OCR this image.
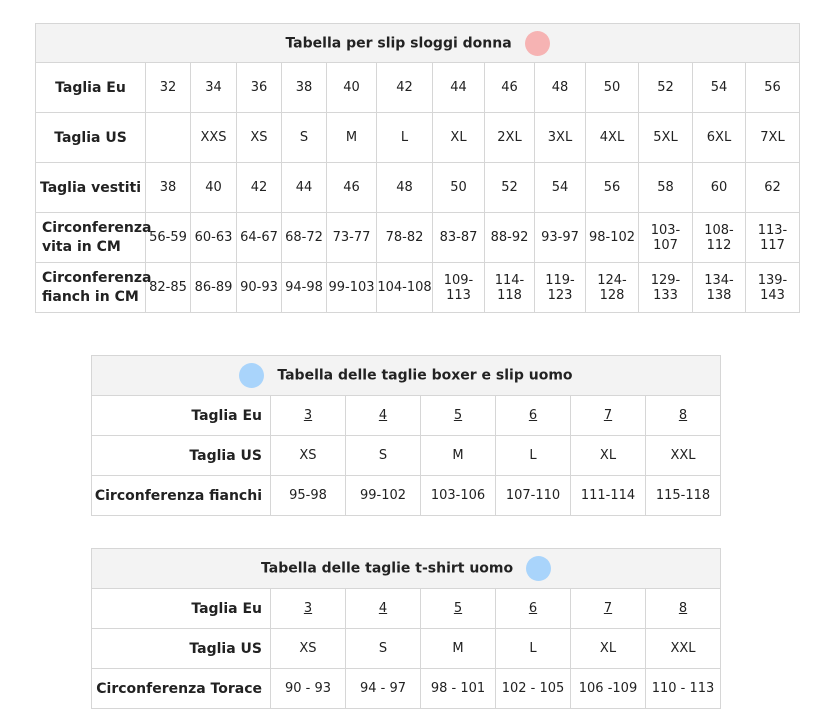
Tabella per slip sloggi donna													
Taglia Eu	32	34	36	38	40	42	44	46	48	50	52	54	56
Taglia US		XXS	XS	S	M	L	XL	2XL	3XL	4XL	5XL	6XL	7XL
Taglia vestiti	38	40	42	44	46	48	50	52	54	56	58	60	62
Circonferenza vita in CM	56-59	60-63	64-67	68-72	73-77	78-82	83-87	88-92	93-97	98-102	103-107	108-112	113-117
Circonferenza fianch in CM	82-85	86-89	90-93	94-98	99-103	104-108	109-113	114-118	119-123	124-128	129-133	134-138	139-143
Tabella delle taglie boxer e slip uomo						
Taglia Eu	3	4	5	6	7	8
Taglia US	XS	S	M	L	XL	XXL
Circonferenza fianchi	95-98	99-102	103-106	107-110	111-114	115-118
Tabella delle taglie t-shirt uomo						
Taglia Eu	3	4	5	6	7	8
Taglia US	XS	S	M	L	XL	XXL
Circonferenza Torace	90 - 93	94 - 97	98 - 101	102 - 105	106 -109	110 - 113
